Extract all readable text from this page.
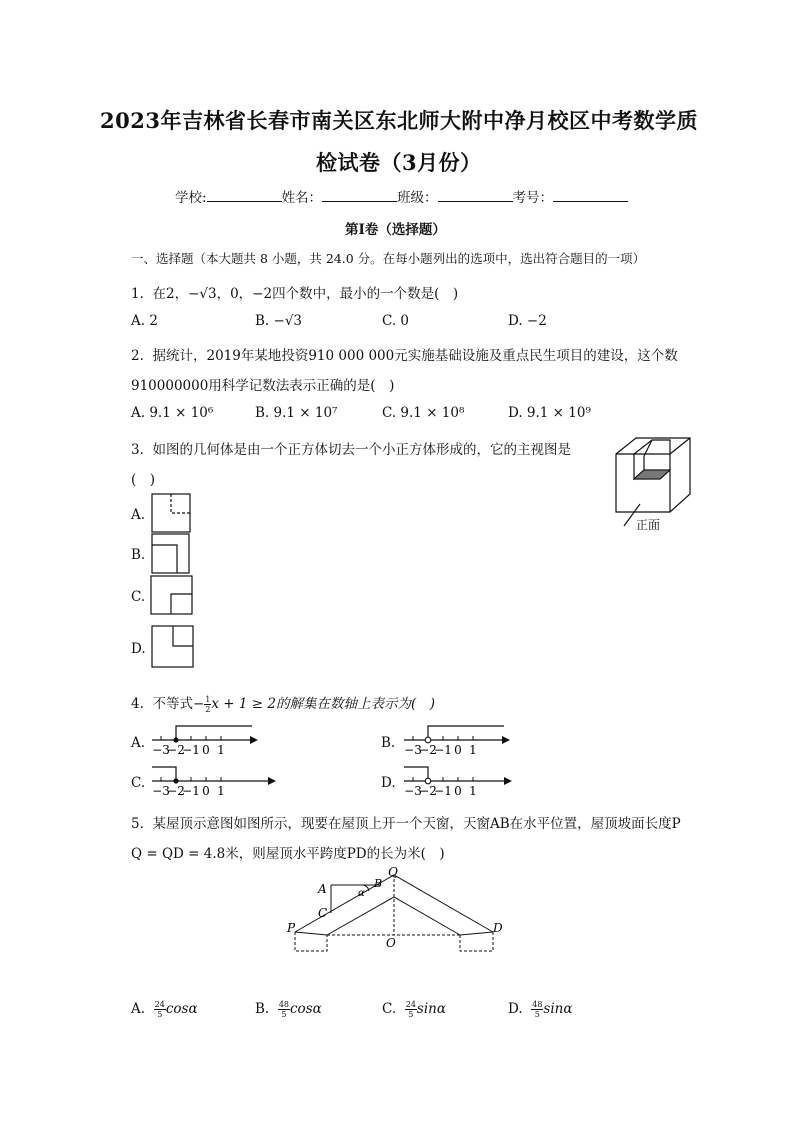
2023年吉林省长春市南关区东北师大附中净月校区中考数学质
检试卷（3月份）
学校:	姓名：	班级：	考号：
第Ⅰ卷（选择题）
一、选择题（本大题共 8 小题，共 24.0 分。在每小题列出的选项中，选出符合题目的一项）
1. 在2，−√3，0，−2四个数中，最小的一个数是(　)
A. 2	B. −√3	C. 0	D. −2
2. 据统计，2019年某地投资910 000 000元实施基础设施及重点民生项目的建设，这个数
910000000用科学记数法表示正确的是(　)
A. 9.1 × 10⁶	B. 9.1 × 10⁷	C. 9.1 × 10⁸	D. 9.1 × 10⁹
3. 如图的几何体是由一个正方体切去一个小正方体形成的，它的主视图是
(　)
正面
A.
B.
C.
D.
4. 不等式− $\frac{1}{2}$ x + 1 ≥ 2的解集在数轴上表示为(　)
A.	B.
C.	D.
−3
−2
−1 0 1	−3
−2
−1 0 1
−3
−2
−1 0 1	−3
−2
−1 0 1
5. 某屋顶示意图如图所示，现要在屋顶上开一个天窗，天窗AB在水平位置，屋顶坡面长度P
Q = QD = 4.8米，则屋顶水平跨度PD的长为米(　)
A
C
B
Q
α
P	D
O
A. $\frac{24}{5}$ cosα	B. $\frac{48}{5}$ cosα	C. $\frac{24}{5}$ sinα	D. $\frac{48}{5}$ sinα
